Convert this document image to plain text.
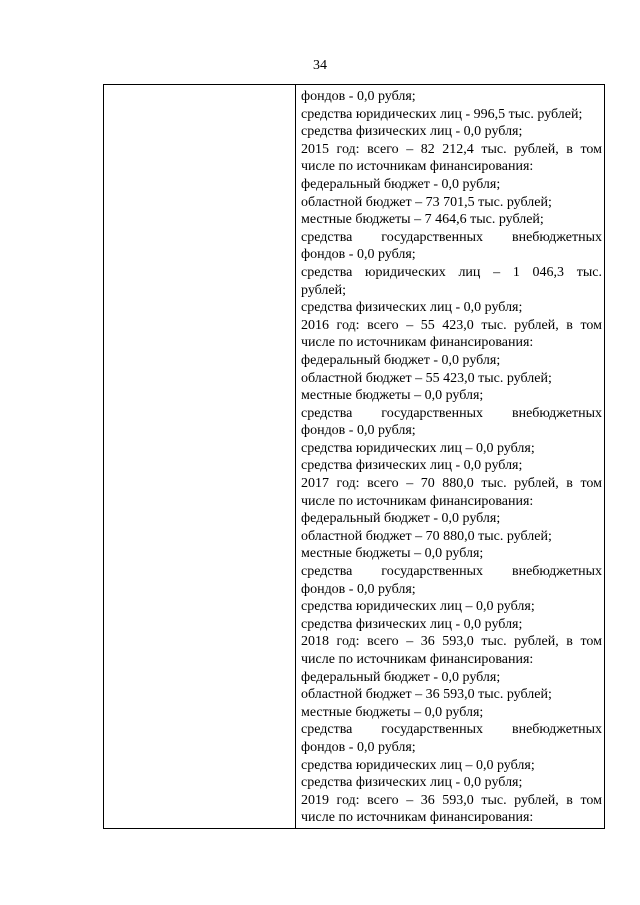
34
фондов - 0,0 рубля;
средства юридических лиц - 996,5 тыс. рублей;
средства физических лиц - 0,0 рубля;
2015 год: всего – 82 212,4 тыс. рублей, в том
числе по источникам финансирования:
федеральный бюджет - 0,0 рубля;
областной бюджет – 73 701,5 тыс. рублей;
местные бюджеты – 7 464,6 тыс. рублей;
средства государственных внебюджетных
фондов - 0,0 рубля;
средства юридических лиц – 1 046,3 тыс.
рублей;
средства физических лиц - 0,0 рубля;
2016 год: всего – 55 423,0 тыс. рублей, в том
числе по источникам финансирования:
федеральный бюджет - 0,0 рубля;
областной бюджет – 55 423,0 тыс. рублей;
местные бюджеты – 0,0 рубля;
средства государственных внебюджетных
фондов - 0,0 рубля;
средства юридических лиц – 0,0 рубля;
средства физических лиц - 0,0 рубля;
2017 год: всего – 70 880,0 тыс. рублей, в том
числе по источникам финансирования:
федеральный бюджет - 0,0 рубля;
областной бюджет – 70 880,0 тыс. рублей;
местные бюджеты – 0,0 рубля;
средства государственных внебюджетных
фондов - 0,0 рубля;
средства юридических лиц – 0,0 рубля;
средства физических лиц - 0,0 рубля;
2018 год: всего – 36 593,0 тыс. рублей, в том
числе по источникам финансирования:
федеральный бюджет - 0,0 рубля;
областной бюджет – 36 593,0 тыс. рублей;
местные бюджеты – 0,0 рубля;
средства государственных внебюджетных
фондов - 0,0 рубля;
средства юридических лиц – 0,0 рубля;
средства физических лиц - 0,0 рубля;
2019 год: всего – 36 593,0 тыс. рублей, в том
числе по источникам финансирования:
